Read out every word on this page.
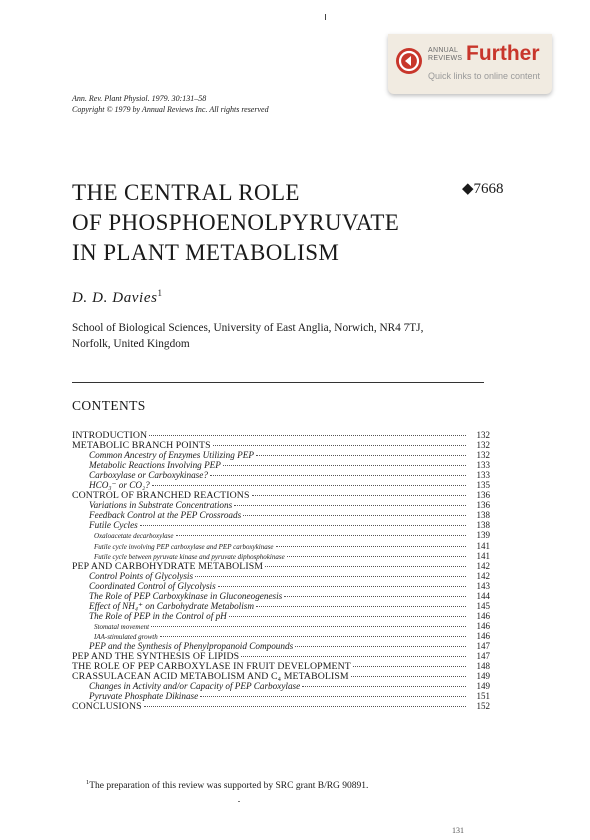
ANNUAL
REVIEWS Further
Quick links to online content
Ann. Rev. Plant Physiol. 1979. 30:131–58
Copyright © 1979 by Annual Reviews Inc. All rights reserved
THE CENTRAL ROLE
OF PHOSPHOENOLPYRUVATE
IN PLANT METABOLISM
◆7668
D. D. Davies$^1$
School of Biological Sciences, University of East Anglia, Norwich, NR4 7TJ,
Norfolk, United Kingdom
CONTENTS
INTRODUCTION	132
METABOLIC BRANCH POINTS	132
Common Ancestry of Enzymes Utilizing PEP	132
Metabolic Reactions Involving PEP	133
Carboxylase or Carboxykinase?	133
HCO₃⁻ or CO₂?	135
CONTROL OF BRANCHED REACTIONS	136
Variations in Substrate Concentrations	136
Feedback Control at the PEP Crossroads	138
Futile Cycles	138
Oxaloacetate decarboxylase	139
Futile cycle involving PEP carboxylase and PEP carboxykinase	141
Futile cycle between pyruvate kinase and pyruvate diphosphokinase	141
PEP AND CARBOHYDRATE METABOLISM	142
Control Points of Glycolysis	142
Coordinated Control of Glycolysis	143
The Role of PEP Carboxykinase in Gluconeogenesis	144
Effect of NH₄⁺ on Carbohydrate Metabolism	145
The Role of PEP in the Control of pH	146
Stomatal movement	146
IAA-stimulated growth	146
PEP and the Synthesis of Phenylpropanoid Compounds	147
PEP AND THE SYNTHESIS OF LIPIDS	147
THE ROLE OF PEP CARBOXYLASE IN FRUIT DEVELOPMENT	148
CRASSULACEAN ACID METABOLISM AND C₄ METABOLISM	149
Changes in Activity and/or Capacity of PEP Carboxylase	149
Pyruvate Phosphate Dikinase	151
CONCLUSIONS	152
$^1$The preparation of this review was supported by SRC grant B/RG 90891.
131
